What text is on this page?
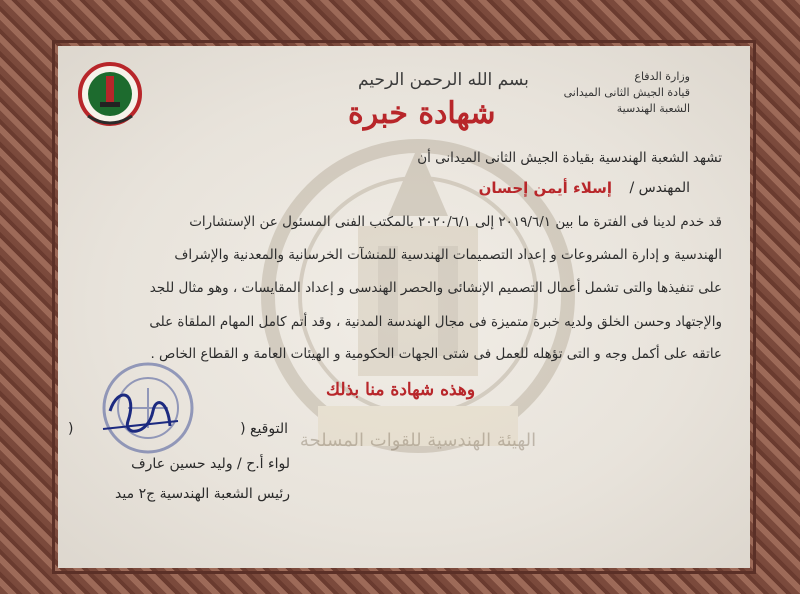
الهيئة الهندسية للقوات المسلحة
بسم الله الرحمن الرحيم
شهادة خبرة
وزارة الدفاع
قيادة الجيش الثانى الميدانى
الشعبة الهندسية
تشهد الشعبة الهندسية بقيادة الجيش الثانى الميدانى أن
المهندس /
إسلاء أيمن إحسان
قد خدم لدينا فى الفترة ما بين ٢٠١٩/٦/١ إلى ٢٠٢٠/٦/١ بالمكتب الفنى المسئول عن الإستشارات
الهندسية و إدارة المشروعات و إعداد التصميمات الهندسية للمنشآت الخرسانية والمعدنية والإشراف
على تنفيذها والتى تشمل أعمال التصميم الإنشائى والحصر الهندسى و إعداد المقايسات ، وهو مثال للجد
والإجتهاد وحسن الخلق ولديه خبرة متميزة فى مجال الهندسة المدنية ، وقد أتم كامل المهام الملقاة على
عاتقه على أكمل وجه و التى تؤهله للعمل فى شتى الجهات الحكومية و الهيئات العامة و القطاع الخاص .
وهذه شهادة منا بذلك
التوقيع (
)
لواء أ.ح / وليد حسين عارف
رئيس الشعبة الهندسية ج٢ ميد
